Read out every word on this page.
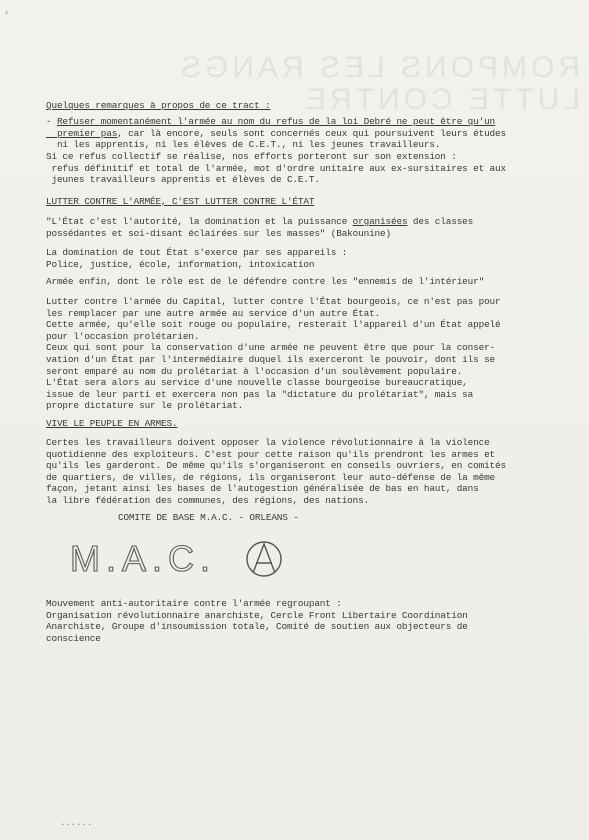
ROMPONS LES RANGS
LUTTE CONTRE
‹
Quelques remarques à propos de ce tract :
- Refuser momentanément l'armée au nom du refus de la loi Debré ne peut être qu'un
premier pas, car là encore, seuls sont concernés ceux qui poursuivent leurs études
ni les apprentis, ni les élèves de C.E.T., ni les jeunes travailleurs.
Si ce refus collectif se réalise, nos efforts porteront sur son extension :
refus définitif et total de l'armée, mot d'ordre unitaire aux ex-sursitaires et aux
jeunes travailleurs apprentis et élèves de C.E.T.
LUTTER CONTRE L'ARMÉE, C'EST LUTTER CONTRE L'ÉTAT
"L'État c'est l'autorité, la domination et la puissance organisées des classes
possédantes et soi-disant éclairées sur les masses" (Bakounine)
La domination de tout État s'exerce par ses appareils :
Police, justice, école, information, intoxication
Armée enfin, dont le rôle est de le défendre contre les "ennemis de l'intérieur"
Lutter contre l'armée du Capital, lutter contre l'État bourgeois, ce n'est pas pour
les remplacer par une autre armée au service d'un autre État.
Cette armée, qu'elle soit rouge ou populaire, resterait l'appareil d'un État appelé
pour l'occasion prolétarien.
Ceux qui sont pour la conservation d'une armée ne peuvent être que pour la conser-
vation d'un État par l'intermédiaire duquel ils exerceront le pouvoir, dont ils se
seront emparé au nom du prolétariat à l'occasion d'un soulèvement populaire.
L'État sera alors au service d'une nouvelle classe bourgeoise bureaucratique,
issue de leur parti et exercera non pas la "dictature du prolétariat", mais sa
propre dictature sur le prolétariat.
VIVE LE PEUPLE EN ARMES.
Certes les travailleurs doivent opposer la violence révolutionnaire à la violence
quotidienne des exploiteurs. C'est pour cette raison qu'ils prendront les armes et
qu'ils les garderont. De même qu'ils s'organiseront en conseils ouvriers, en comités
de quartiers, de villes, de régions, ils organiseront leur auto-défense de la même
façon, jetant ainsi les bases de l'autogestion généralisée de bas en haut, dans
la libre fédération des communes, des régions, des nations.
COMITE DE BASE M.A.C. - ORLEANS -
M.A.C.
Mouvement anti-autoritaire contre l'armée regroupant :
Organisation révolutionnaire anarchiste, Cercle Front Libertaire Coordination
Anarchiste, Groupe d'insoumission totale, Comité de soutien aux objecteurs de
conscience
......
